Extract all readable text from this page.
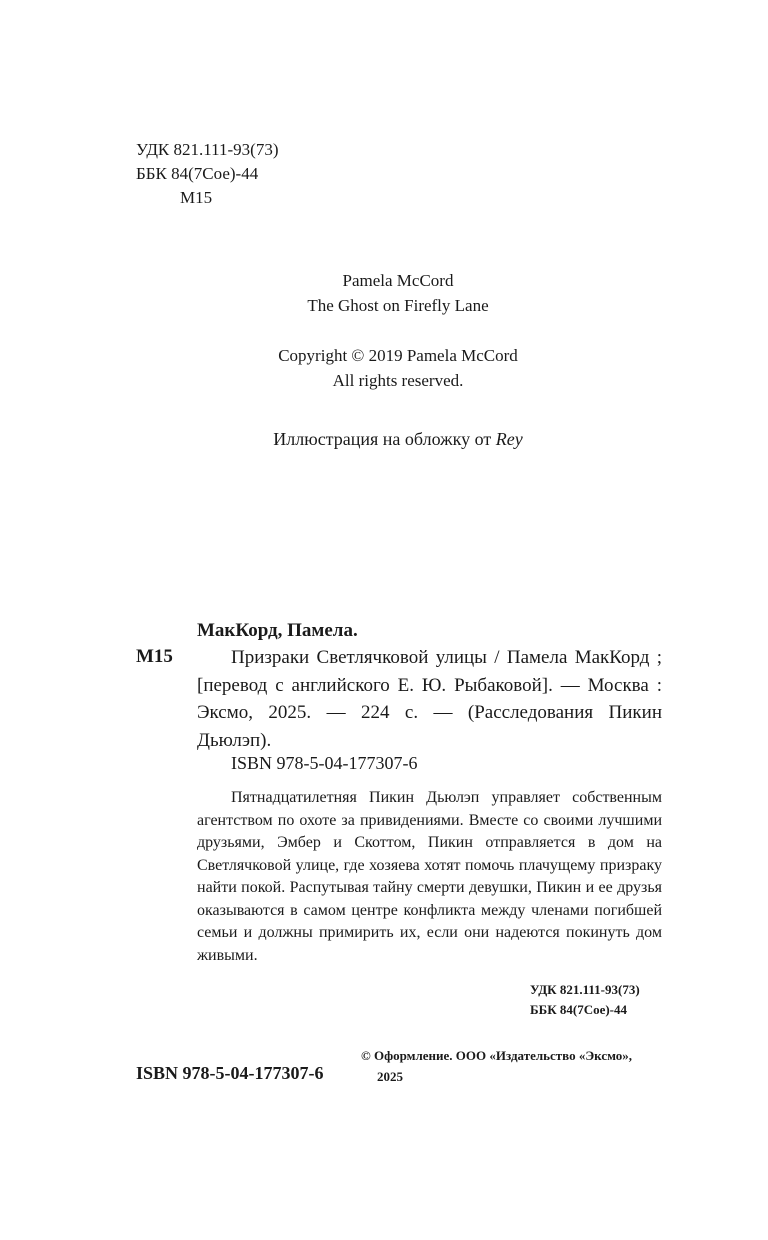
УДК 821.111-93(73)
ББК 84(7Сое)-44
М15
Pamela McCord
The Ghost on Firefly Lane
Copyright © 2019 Pamela McCord
All rights reserved.
Иллюстрация на обложку от Rey
МакКорд, Памела.
М15	Призраки Светлячковой улицы / Памела МакКорд ; [перевод с английского Е. Ю. Рыбаковой]. — Москва : Эксмо, 2025. — 224 с. — (Расследования Пикин Дьюлэп).
ISBN 978-5-04-177307-6
Пятнадцатилетняя Пикин Дьюлэп управляет собственным агентством по охоте за привидениями. Вместе со своими лучшими друзьями, Эмбер и Скоттом, Пикин отправляется в дом на Светлячковой улице, где хозяева хотят помочь плачущему призраку найти покой. Распутывая тайну смерти девушки, Пикин и ее друзья оказываются в самом центре конфликта между членами погибшей семьи и должны примирить их, если они надеются покинуть дом живыми.
УДК 821.111-93(73)
ББК 84(7Сое)-44
ISBN 978-5-04-177307-6
© Оформление. ООО «Издательство «Эксмо»,
2025
